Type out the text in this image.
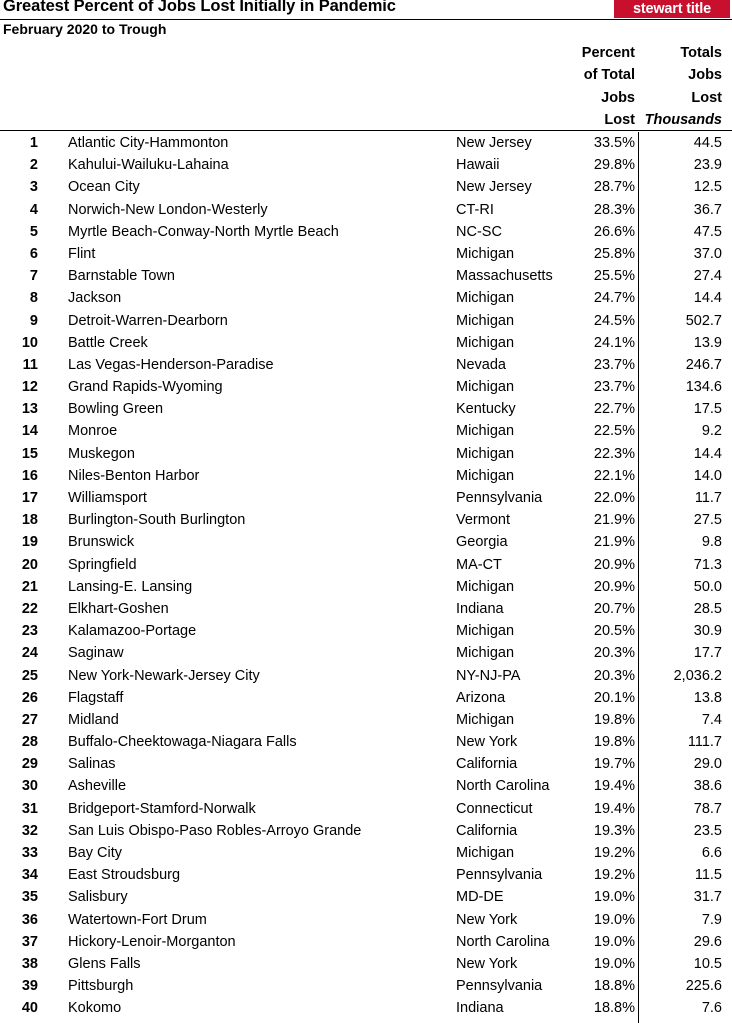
Greatest Percent of Jobs Lost Initially in Pandemic	stewart title
February 2020 to Trough
Percent
of Total
Jobs
Lost
Totals
Jobs
Lost
Thousands
1 Atlantic City-Hammonton	New Jersey	33.5%	44.5
2 Kahului-Wailuku-Lahaina	Hawaii	29.8%	23.9
3 Ocean City	New Jersey	28.7%	12.5
4 Norwich-New London-Westerly	CT-RI	28.3%	36.7
5 Myrtle Beach-Conway-North Myrtle Beach	NC-SC	26.6%	47.5
6 Flint	Michigan	25.8%	37.0
7 Barnstable Town	Massachusetts	25.5%	27.4
8 Jackson	Michigan	24.7%	14.4
9 Detroit-Warren-Dearborn	Michigan	24.5%	502.7
10 Battle Creek	Michigan	24.1%	13.9
11 Las Vegas-Henderson-Paradise	Nevada	23.7%	246.7
12 Grand Rapids-Wyoming	Michigan	23.7%	134.6
13 Bowling Green	Kentucky	22.7%	17.5
14 Monroe	Michigan	22.5%	9.2
15 Muskegon	Michigan	22.3%	14.4
16 Niles-Benton Harbor	Michigan	22.1%	14.0
17 Williamsport	Pennsylvania	22.0%	11.7
18 Burlington-South Burlington	Vermont	21.9%	27.5
19 Brunswick	Georgia	21.9%	9.8
20 Springfield	MA-CT	20.9%	71.3
21 Lansing-E. Lansing	Michigan	20.9%	50.0
22 Elkhart-Goshen	Indiana	20.7%	28.5
23 Kalamazoo-Portage	Michigan	20.5%	30.9
24 Saginaw	Michigan	20.3%	17.7
25 New York-Newark-Jersey City	NY-NJ-PA	20.3%	2,036.2
26 Flagstaff	Arizona	20.1%	13.8
27 Midland	Michigan	19.8%	7.4
28 Buffalo-Cheektowaga-Niagara Falls	New York	19.8%	111.7
29 Salinas	California	19.7%	29.0
30 Asheville	North Carolina	19.4%	38.6
31 Bridgeport-Stamford-Norwalk	Connecticut	19.4%	78.7
32 San Luis Obispo-Paso Robles-Arroyo Grande	California	19.3%	23.5
33 Bay City	Michigan	19.2%	6.6
34 East Stroudsburg	Pennsylvania	19.2%	11.5
35 Salisbury	MD-DE	19.0%	31.7
36 Watertown-Fort Drum	New York	19.0%	7.9
37 Hickory-Lenoir-Morganton	North Carolina	19.0%	29.6
38 Glens Falls	New York	19.0%	10.5
39 Pittsburgh	Pennsylvania	18.8%	225.6
40 Kokomo	Indiana	18.8%	7.6
